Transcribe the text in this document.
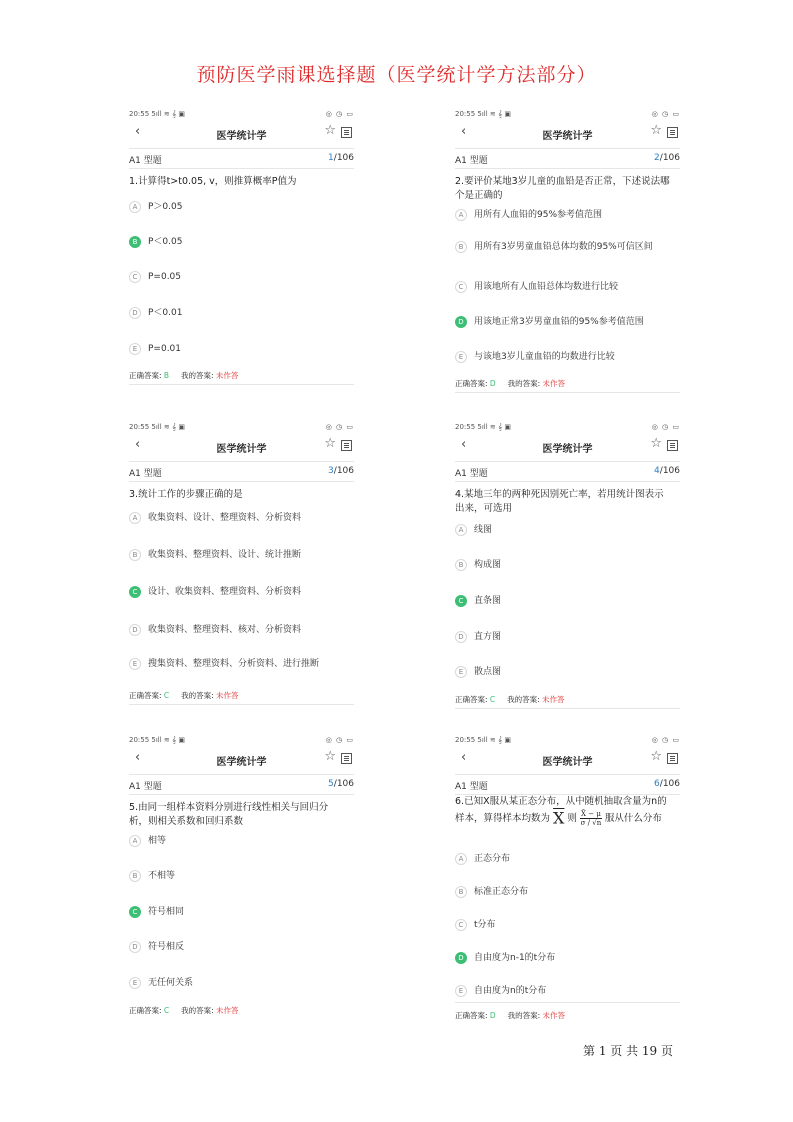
预防医学雨课选择题（医学统计学方法部分）
20:55 5ıll ≋ 𝄞 ▣	◎ ◷ ▭
‹	医学统计学	☆
A1 型题	1/106
1.计算得t>t0.05, v，则推算概率P值为
A	P＞0.05
B	P＜0.05
C	P=0.05
D	P＜0.01
E	P=0.01
正确答案: B 我的答案: 未作答
20:55 5ıll ≋ 𝄞 ▣	◎ ◷ ▭
‹	医学统计学	☆
A1 型题	2/106
2.要评价某地3岁儿童的血铅是否正常，下述说法哪个是正确的
A	用所有人血铅的95%参考值范围
B	用所有3岁男童血铅总体均数的95%可信区间
C	用该地所有人血铅总体均数进行比较
D	用该地正常3岁男童血铅的95%参考值范围
E	与该地3岁儿童血铅的均数进行比较
正确答案: D 我的答案: 未作答
20:55 5ıll ≋ 𝄞 ▣	◎ ◷ ▭
‹	医学统计学	☆
A1 型题	3/106
3.统计工作的步骤正确的是
A	收集资料、设计、整理资料、分析资料
B	收集资料、整理资料、设计、统计推断
C	设计、收集资料、整理资料、分析资料
D	收集资料、整理资料、核对、分析资料
E	搜集资料、整理资料、分析资料、进行推断
正确答案: C 我的答案: 未作答
20:55 5ıll ≋ 𝄞 ▣	◎ ◷ ▭
‹	医学统计学	☆
A1 型题	4/106
4.某地三年的两种死因别死亡率，若用统计图表示出来，可选用
A	线图
B	构成图
C	直条图
D	直方图
E	散点图
正确答案: C 我的答案: 未作答
20:55 5ıll ≋ 𝄞 ▣	◎ ◷ ▭
‹	医学统计学	☆
A1 型题	5/106
5.由同一组样本资料分别进行线性相关与回归分析，则相关系数和回归系数
A	相等
B	不相等
C	符号相同
D	符号相反
E	无任何关系
正确答案: C 我的答案: 未作答
20:55 5ıll ≋ 𝄞 ▣	◎ ◷ ▭
‹	医学统计学	☆
A1 型题	6/106
6.已知X服从某正态分布，从中随机抽取含量为n的样本，算得样本均数为 $\overline{X}$ 则 $\frac{X̄ - \mu}{\sigma / √n}$ 服从什么分布
A	正态分布
B	标准正态分布
C	t分布
D	自由度为n-1的t分布
E	自由度为n的t分布
正确答案: D 我的答案: 未作答
第 1 页 共 19 页
